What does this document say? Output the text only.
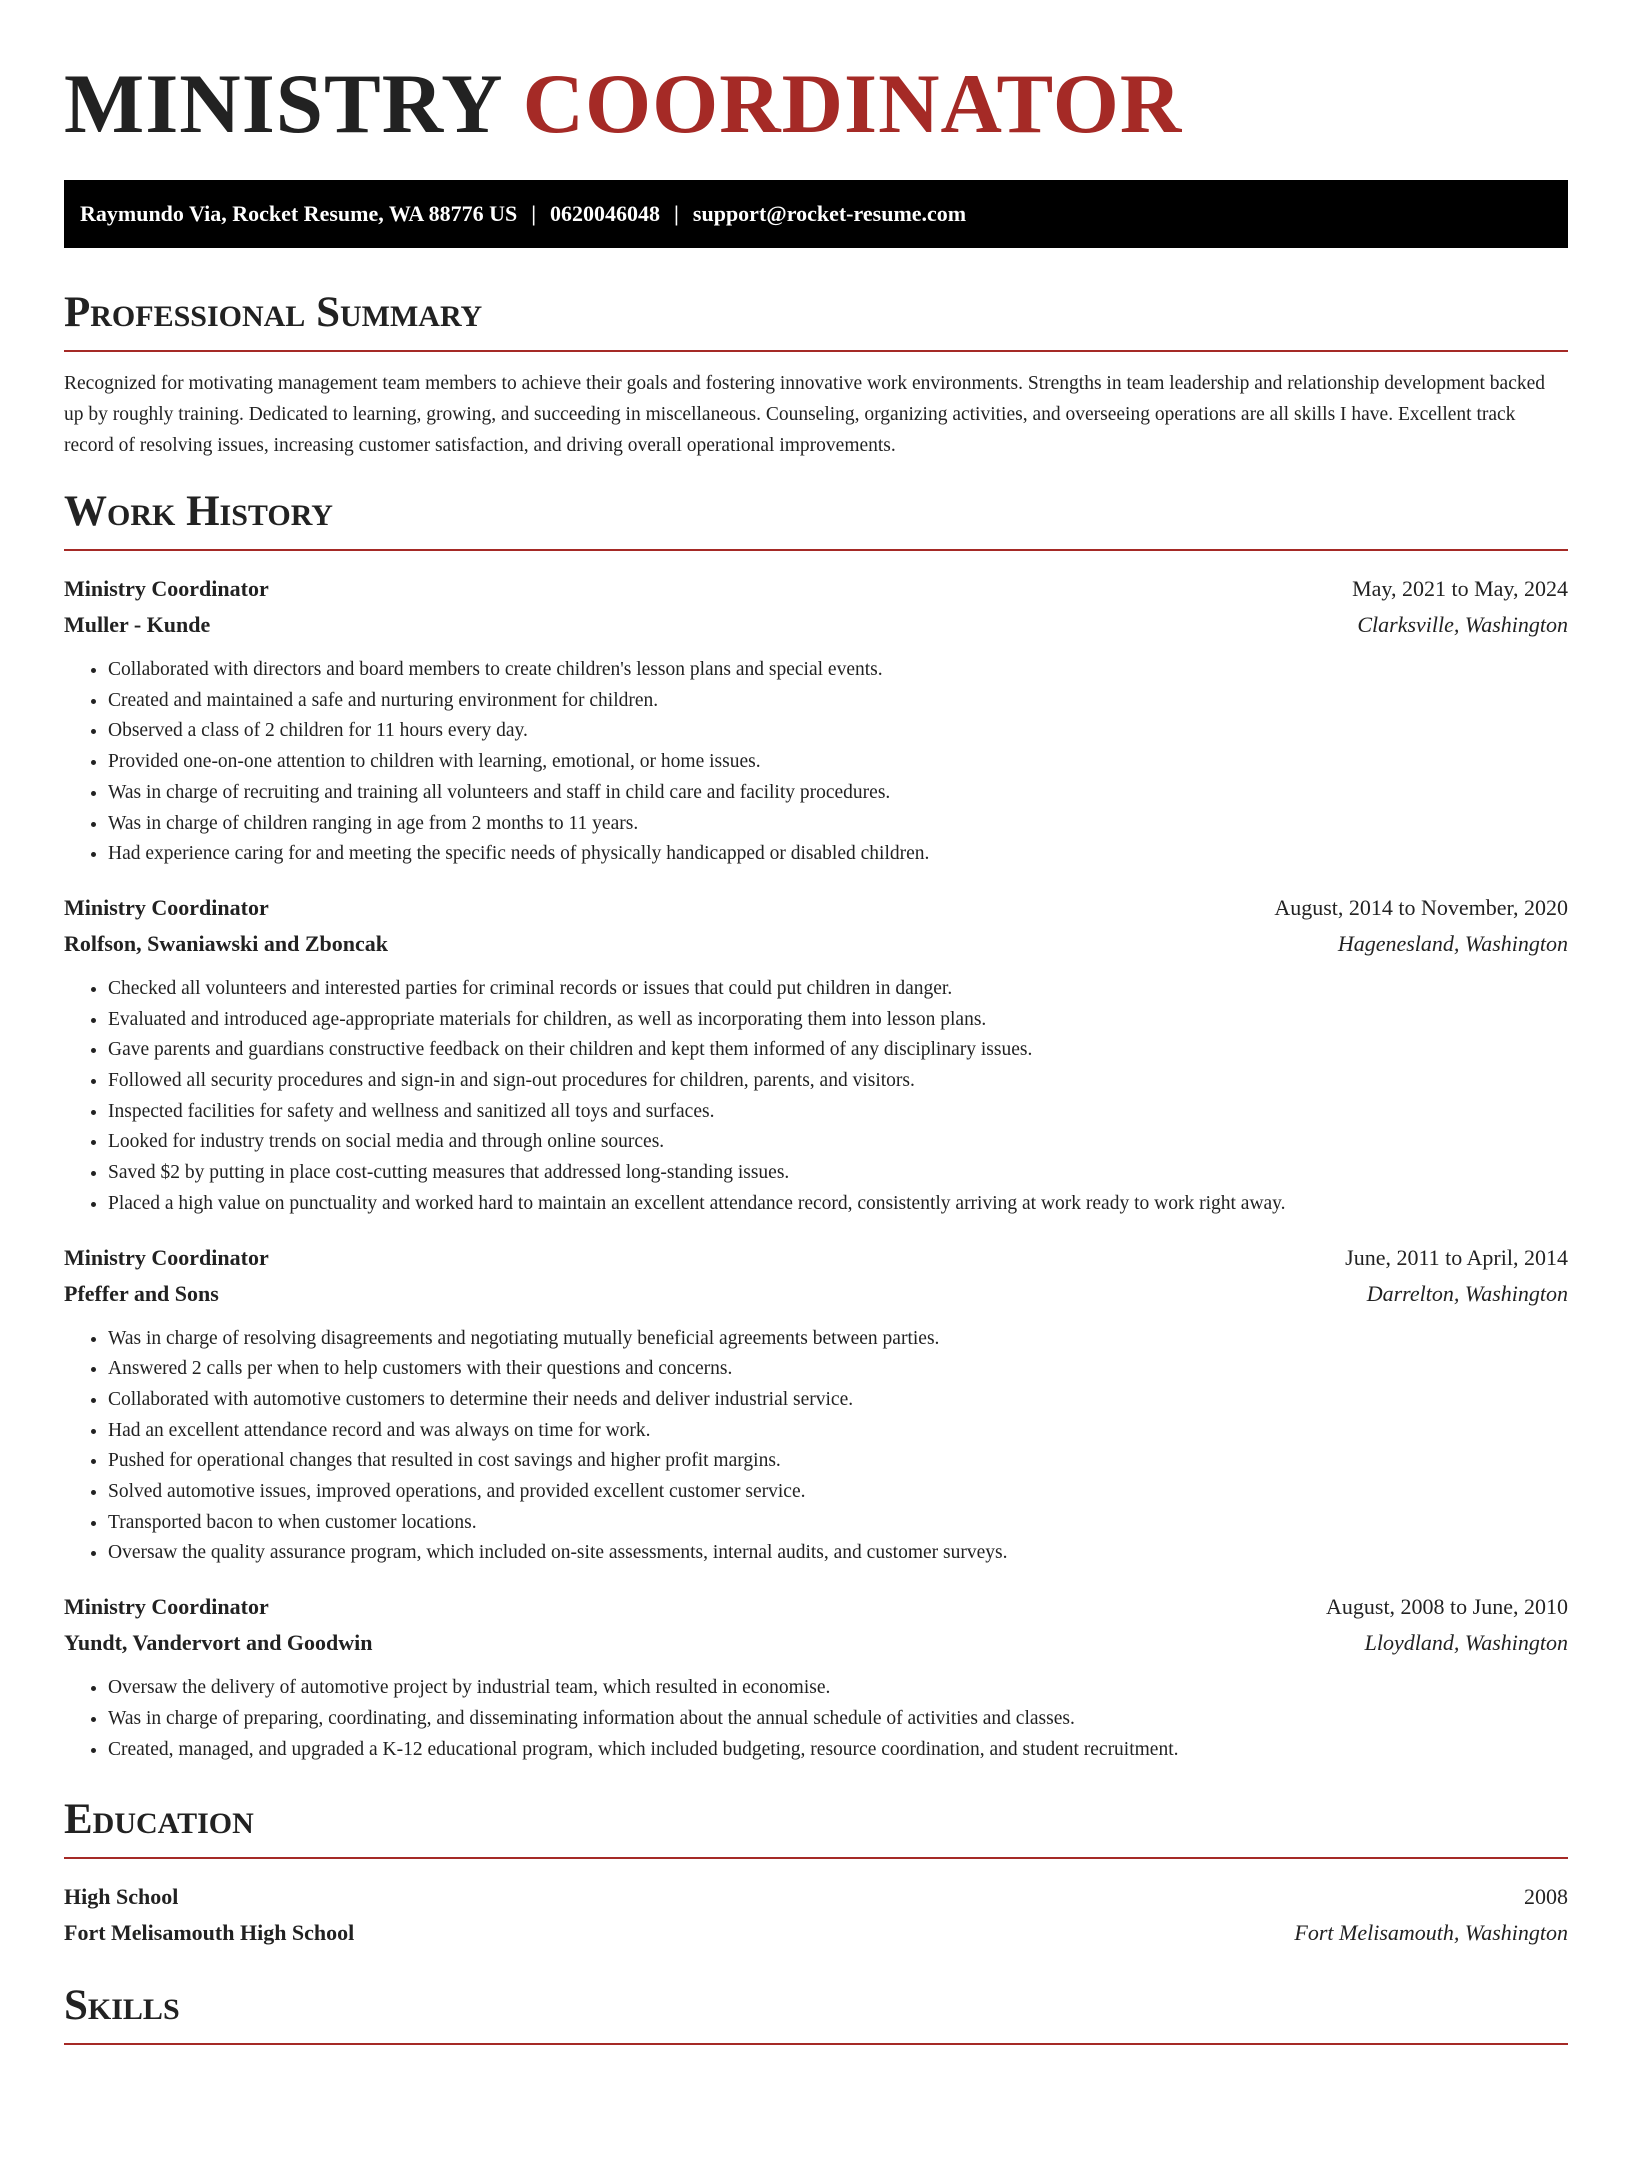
MINISTRY COORDINATOR
Raymundo Via, Rocket Resume, WA 88776 US | 0620046048 | support@rocket-resume.com
Professional Summary

Recognized for motivating management team members to achieve their goals and fostering innovative work environments. Strengths in team leadership and relationship development backed up by roughly training. Dedicated to learning, growing, and succeeding in miscellaneous. Counseling, organizing activities, and overseeing operations are all skills I have. Excellent track record of resolving issues, increasing customer satisfaction, and driving overall operational improvements.

Work History
Ministry Coordinator	May, 2021 to May, 2024
Muller - Kunde	Clarksville, Washington
• Collaborated with directors and board members to create children's lesson plans and special events.
• Created and maintained a safe and nurturing environment for children.
• Observed a class of 2 children for 11 hours every day.
• Provided one-on-one attention to children with learning, emotional, or home issues.
• Was in charge of recruiting and training all volunteers and staff in child care and facility procedures.
• Was in charge of children ranging in age from 2 months to 11 years.
• Had experience caring for and meeting the specific needs of physically handicapped or disabled children.
Ministry Coordinator	August, 2014 to November, 2020
Rolfson, Swaniawski and Zboncak	Hagenesland, Washington
• Checked all volunteers and interested parties for criminal records or issues that could put children in danger.
• Evaluated and introduced age-appropriate materials for children, as well as incorporating them into lesson plans.
• Gave parents and guardians constructive feedback on their children and kept them informed of any disciplinary issues.
• Followed all security procedures and sign-in and sign-out procedures for children, parents, and visitors.
• Inspected facilities for safety and wellness and sanitized all toys and surfaces.
• Looked for industry trends on social media and through online sources.
• Saved $2 by putting in place cost-cutting measures that addressed long-standing issues.
• Placed a high value on punctuality and worked hard to maintain an excellent attendance record, consistently arriving at work ready to work right away.
Ministry Coordinator	June, 2011 to April, 2014
Pfeffer and Sons	Darrelton, Washington
• Was in charge of resolving disagreements and negotiating mutually beneficial agreements between parties.
• Answered 2 calls per when to help customers with their questions and concerns.
• Collaborated with automotive customers to determine their needs and deliver industrial service.
• Had an excellent attendance record and was always on time for work.
• Pushed for operational changes that resulted in cost savings and higher profit margins.
• Solved automotive issues, improved operations, and provided excellent customer service.
• Transported bacon to when customer locations.
• Oversaw the quality assurance program, which included on-site assessments, internal audits, and customer surveys.
Ministry Coordinator	August, 2008 to June, 2010
Yundt, Vandervort and Goodwin	Lloydland, Washington
• Oversaw the delivery of automotive project by industrial team, which resulted in economise.
• Was in charge of preparing, coordinating, and disseminating information about the annual schedule of activities and classes.
• Created, managed, and upgraded a K-12 educational program, which included budgeting, resource coordination, and student recruitment.
Education
High School	2008
Fort Melisamouth High School	Fort Melisamouth, Washington
Skills
